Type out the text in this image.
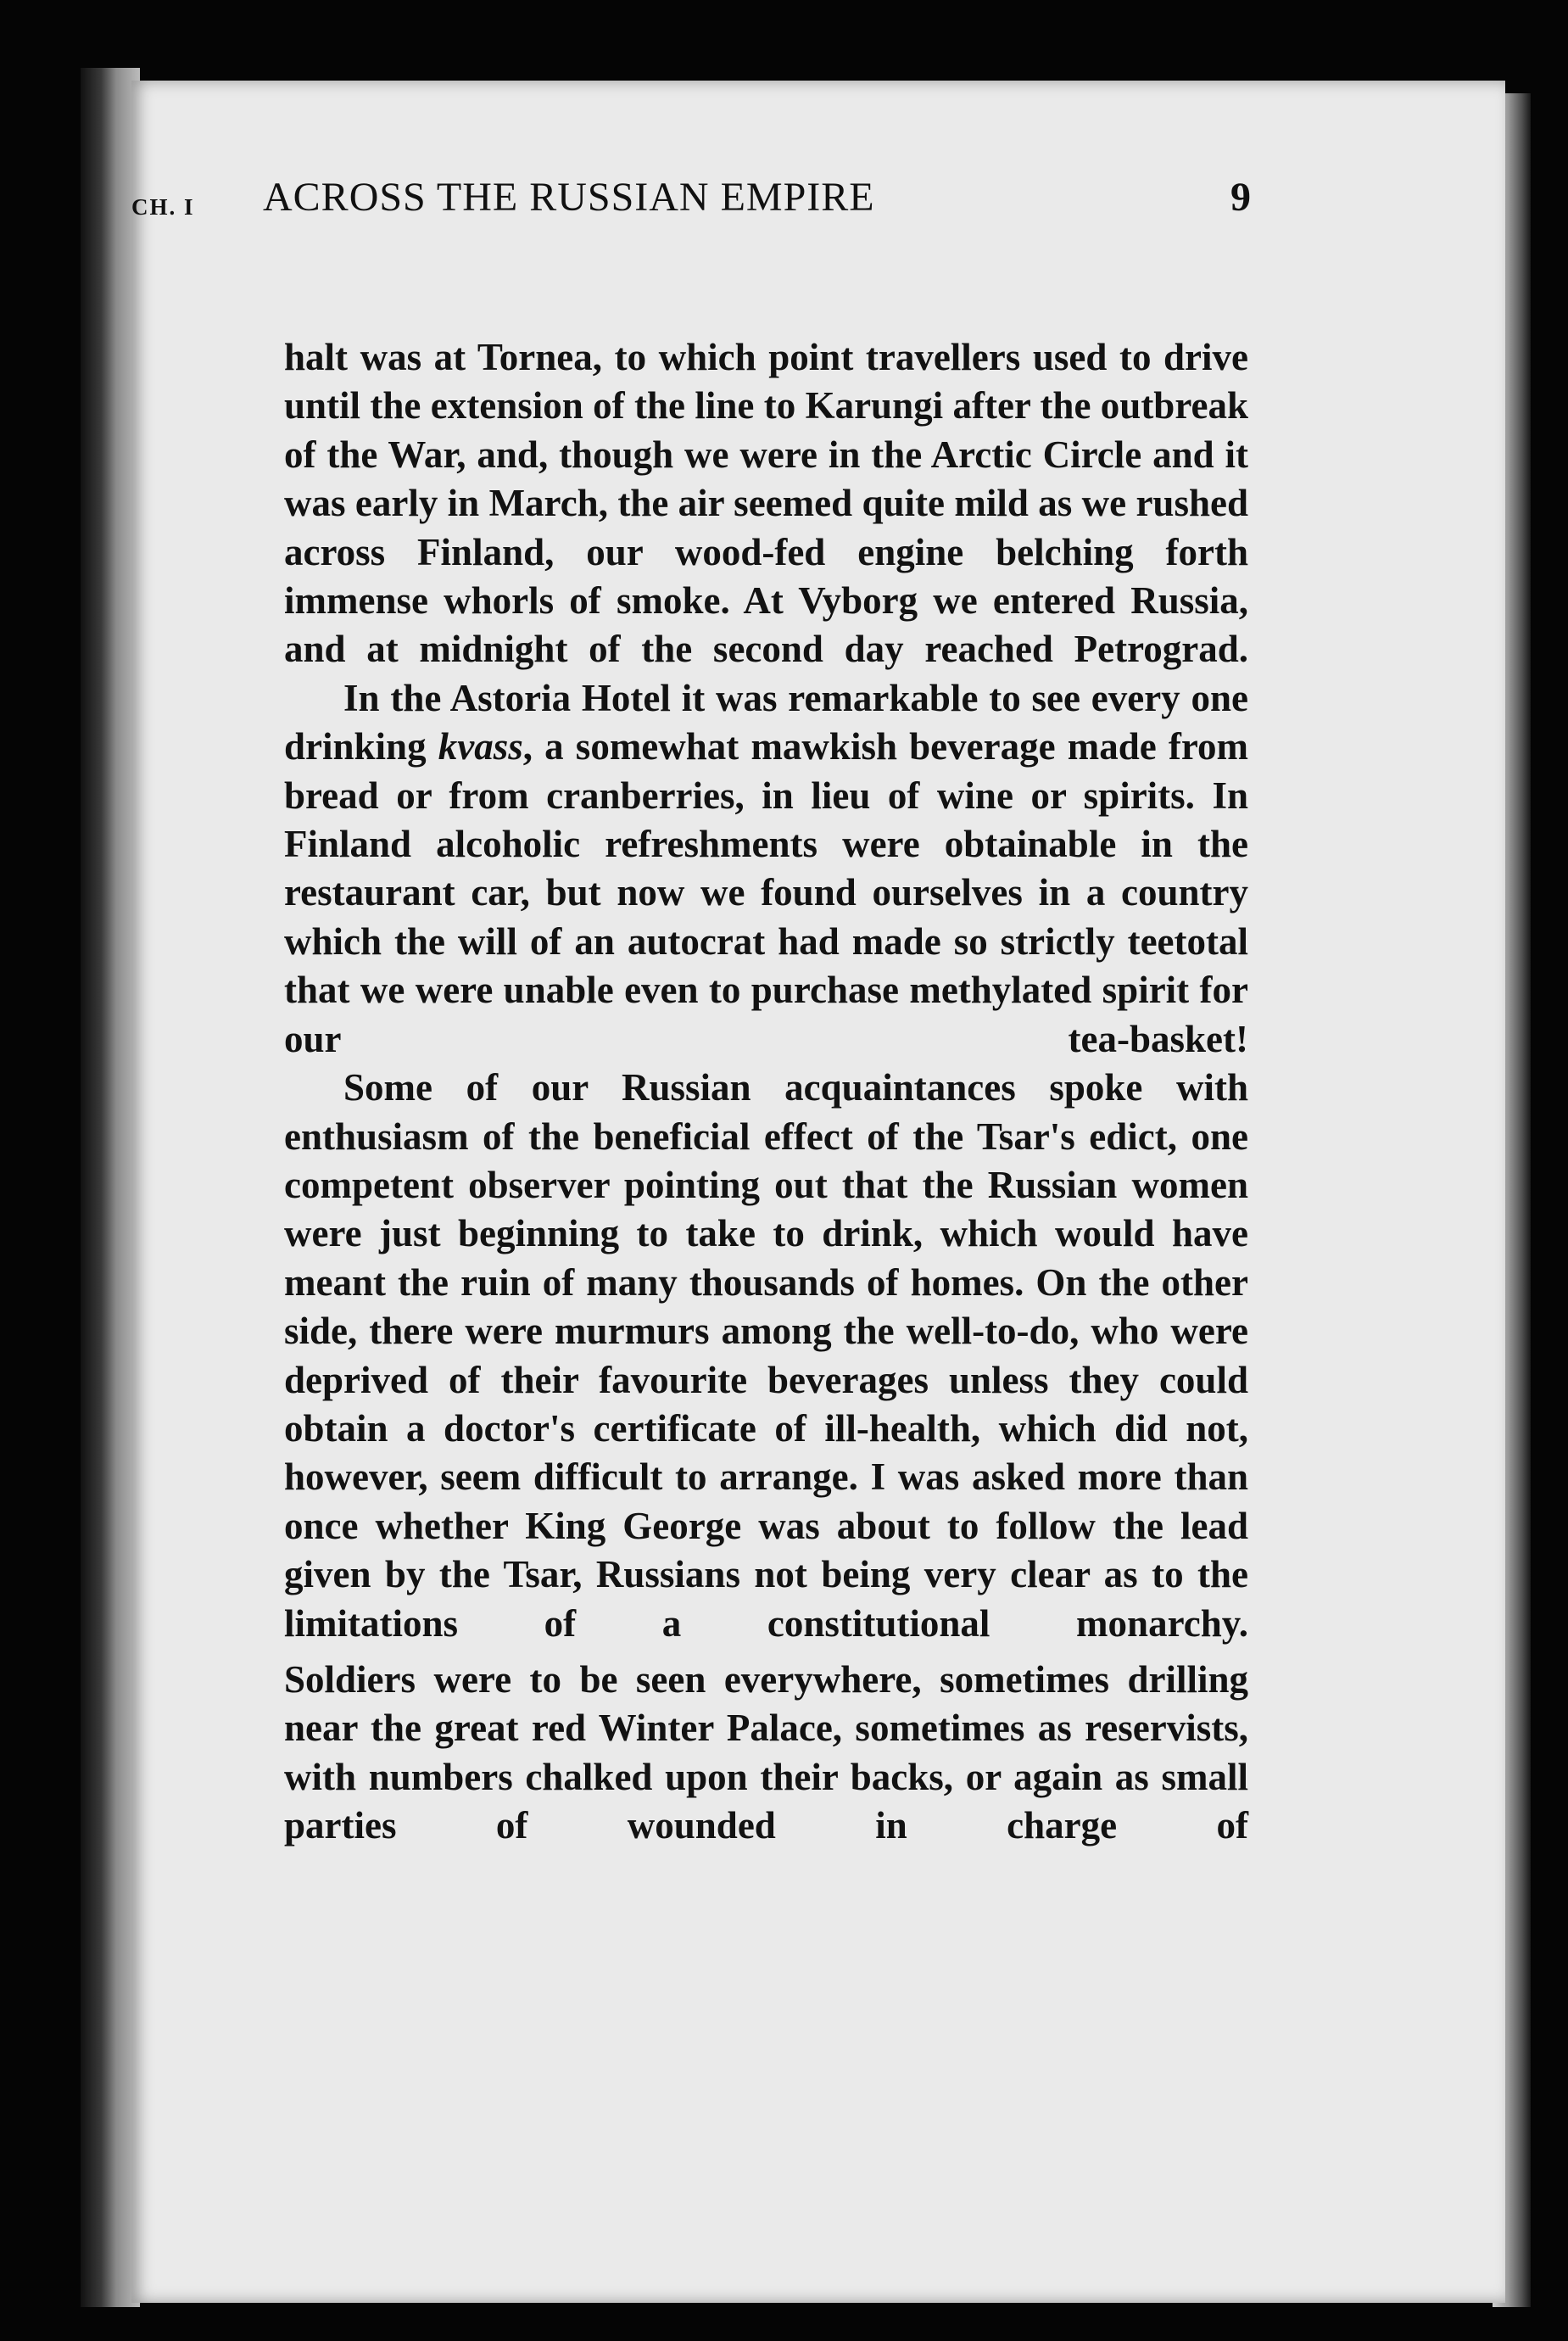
CH. I ACROSS THE RUSSIAN EMPIRE	9

halt was at Tornea, to which point travellers used to drive until the extension of the line to Karungi after the outbreak of the War, and, though we were in the Arctic Circle and it was early in March, the air seemed quite mild as we rushed across Finland, our wood-fed engine belching forth immense whorls of smoke. At Vyborg we entered Russia, and at midnight of the second day reached Petrograd.

In the Astoria Hotel it was remarkable to see every one drinking kvass, a somewhat mawkish beverage made from bread or from cranberries, in lieu of wine or spirits. In Finland alcoholic refreshments were obtainable in the restaurant car, but now we found ourselves in a country which the will of an autocrat had made so strictly teetotal that we were unable even to purchase methylated spirit for our tea-basket!

Some of our Russian acquaintances spoke with enthusiasm of the beneficial effect of the Tsar's edict, one competent observer pointing out that the Russian women were just beginning to take to drink, which would have meant the ruin of many thousands of homes. On the other side, there were murmurs among the well-to-do, who were deprived of their favourite beverages unless they could obtain a doctor's certificate of ill-health, which did not, however, seem difficult to arrange. I was asked more than once whether King George was about to follow the lead given by the Tsar, Russians not being very clear as to the limitations of a constitutional monarchy.

Soldiers were to be seen everywhere, sometimes drilling near the great red Winter Palace, sometimes as reservists, with numbers chalked upon their backs, or again as small parties of wounded in charge of
